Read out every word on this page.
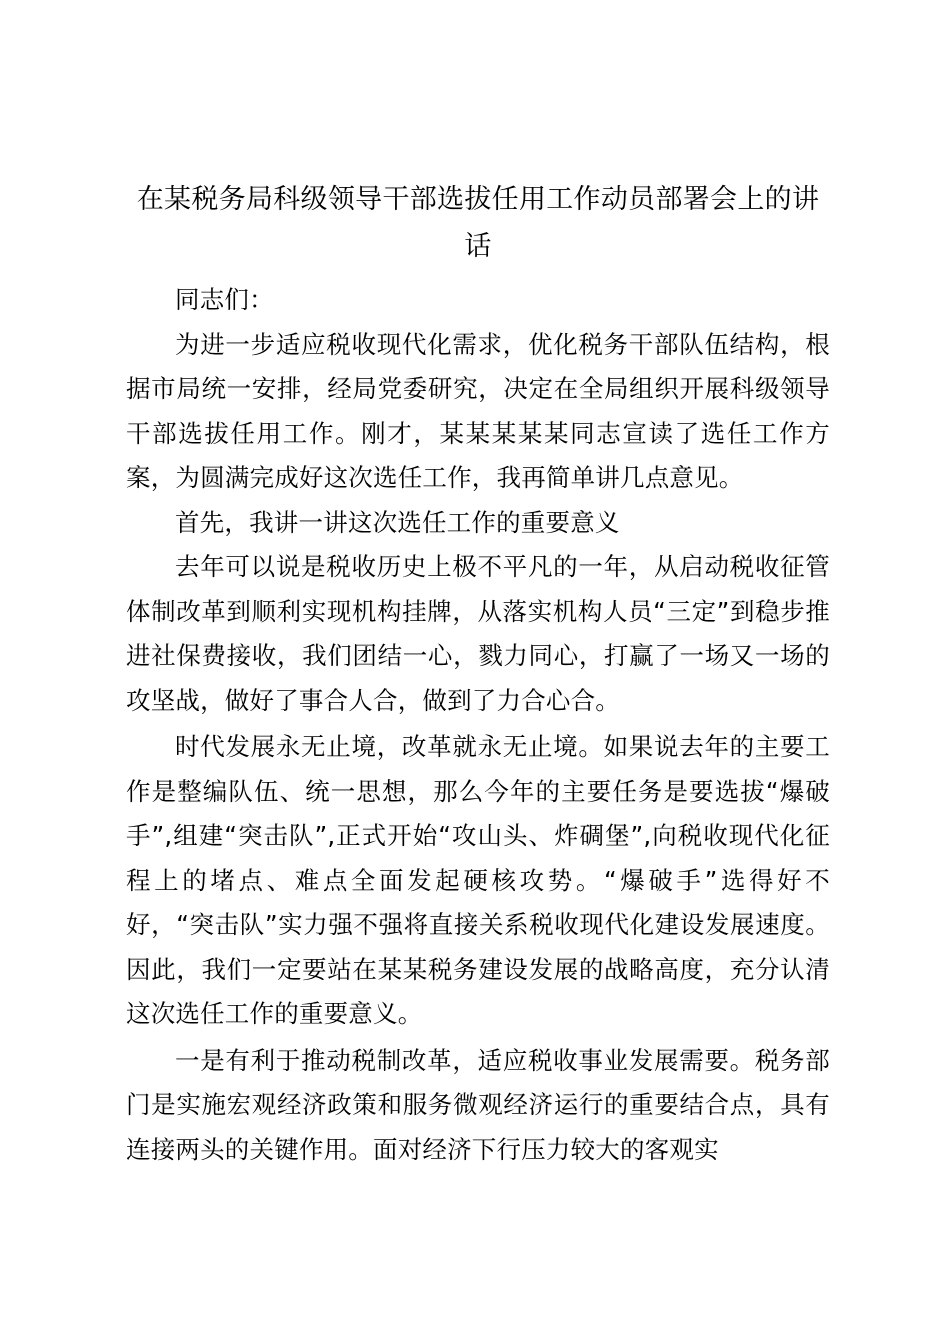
在某税务局科级领导干部选拔任用工作动员部署会上的讲话

同志们：

为进一步适应税收现代化需求，优化税务干部队伍结构，根据市局统一安排，经局党委研究，决定在全局组织开展科级领导干部选拔任用工作。刚才，某某某某某同志宣读了选任工作方案，为圆满完成好这次选任工作，我再简单讲几点意见。

首先，我讲一讲这次选任工作的重要意义

去年可以说是税收历史上极不平凡的一年，从启动税收征管体制改革到顺利实现机构挂牌，从落实机构人员“三定”到稳步推进社保费接收，我们团结一心，戮力同心，打赢了一场又一场的攻坚战，做好了事合人合，做到了力合心合。

时代发展永无止境，改革就永无止境。如果说去年的主要工作是整编队伍、统一思想，那么今年的主要任务是要选拔“爆破手”,组建“突击队”,正式开始“攻山头、炸碉堡”,向税收现代化征程上的堵点、难点全面发起硬核攻势。“爆破手”选得好不好，“突击队”实力强不强将直接关系税收现代化建设发展速度。因此，我们一定要站在某某税务建设发展的战略高度，充分认清这次选任工作的重要意义。

一是有利于推动税制改革，适应税收事业发展需要。税务部门是实施宏观经济政策和服务微观经济运行的重要结合点，具有连接两头的关键作用。面对经济下行压力较大的客观实
